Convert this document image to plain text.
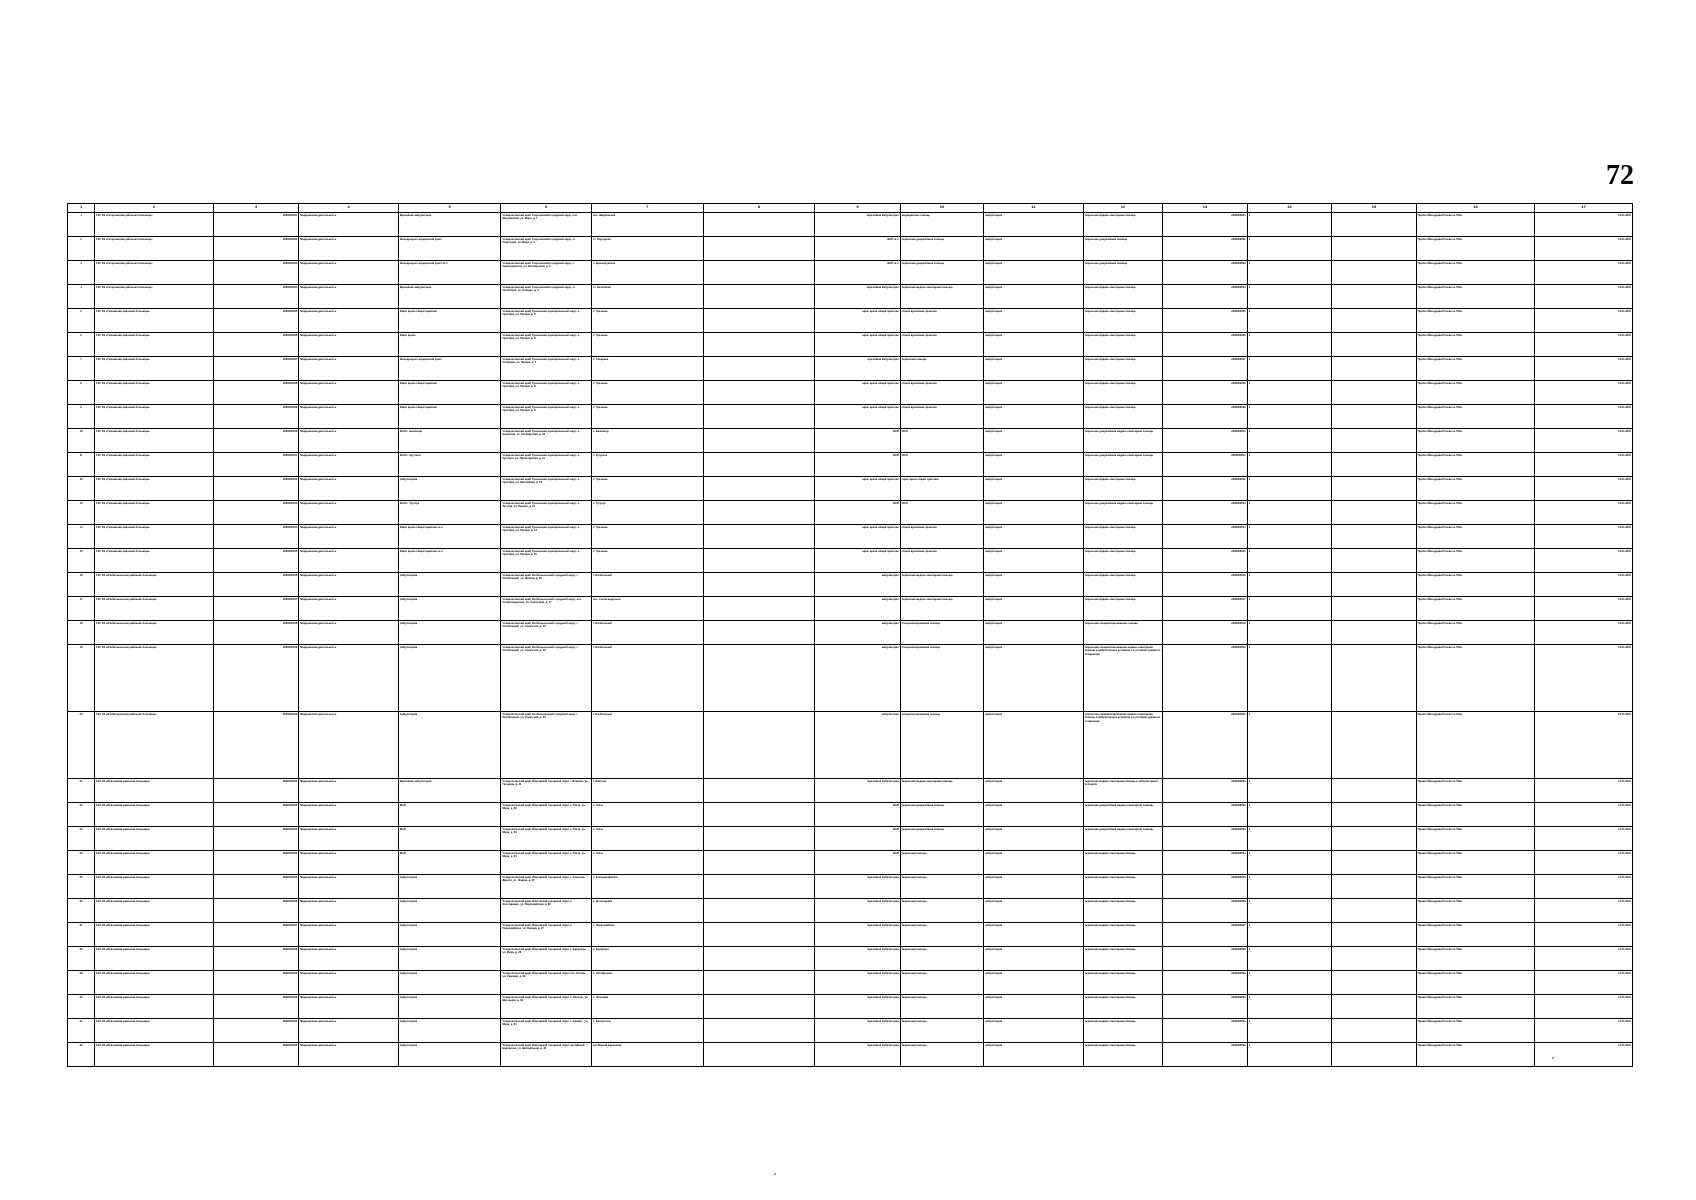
72
1	2	3	4	5	6	7	8	9	10	11	12	13	14	15	16	17
1	ГБУ СК «Георгиевская районная больница»	2600000001	Медицинская деятельность	Врачебная амбулатория	Ставропольский край, Георгиевский городской округ, пос. Шаумянский, ул. Мира, д. 1	пос. Шаумянский		Врачебная амбулатория	медицинская помощь	амбулатория	первичная медико-санитарная помощь	2600000001	1		Приказ Минздрава России № 543н	01.01.2021
2	ГБУ СК «Георгиевская районная больница»	2600000002	Медицинская деятельность	Фельдшерско-акушерский пункт	Ставропольский край, Георгиевский городской округ, ст. Подгорная, ул. Мира, д. 2	ст. Подгорная		ФАП № 1	первичная доврачебная помощь	амбулатория	первичная доврачебная помощь	2600000002	1		Приказ Минздрава России № 543н	01.01.2021
3	ГБУ СК «Георгиевская районная больница»	2600000003	Медицинская деятельность	Фельдшерско-акушерский пункт № 1	Ставропольский край, Георгиевский городской округ, с. Краснокумское, ул. Октябрьская, д. 3	с. Краснокумское		ФАП № 1	первичная доврачебная помощь	амбулатория	первичная доврачебная помощь	2600000003	1		Приказ Минздрава России № 543н	01.01.2021
4	ГБУ СК «Георгиевская районная больница»	2600000004	Медицинская деятельность	Врачебная амбулатория	Ставропольский край, Георгиевский городской округ, ст. Незлобная, ул. Победы, д. 4	ст. Незлобная		Врачебная амбулатория	первичная медико-санитарная помощь	амбулатория	первичная медико-санитарная помощь	2600000004	1		Приказ Минздрава России № 543н	01.01.2021
5	ГБУ СК «Грачевская районная больница»	2600000005	Медицинская деятельность	Офис врача общей практики	Ставропольский край, Грачевский муниципальный округ, с. Грачевка, ул. Ленина, д. 5	с. Грачевка		офис врача общей практики	общая врачебная практика	амбулатория	первичная медико-санитарная помощь	2600000005	1		Приказ Минздрава России № 543н	01.01.2021
6	ГБУ СК «Грачевская районная больница»	2600000006	Медицинская деятельность	Офис врача	Ставропольский край, Грачевский муниципальный округ, с. Грачевка, ул. Ленина, д. 6	с. Грачевка		офис врача общей практики	общая врачебная практика	амбулатория	первичная медико-санитарная помощь	2600000006	1		Приказ Минздрава России № 543н	01.01.2021
7	ГБУ СК «Грачевская районная больница»	2600000007	Медицинская деятельность	Фельдшерско-акушерский пункт	Ставропольский край, Грачевский муниципальный округ, с. Спицевка, ул. Ленина, д. 7	с. Спицевка		врачебная амбулатория	первичная помощь	амбулатория	первичная медико-санитарная помощь	2600000007	1		Приказ Минздрава России № 543н	01.01.2021
8	ГБУ СК «Грачевская районная больница»	2600000008	Медицинская деятельность	Офис врача общей практики	Ставропольский край, Грачевский муниципальный округ, с. Грачевка, ул. Ленина, д. 8	с. Грачевка		офис врача общей практики	общая врачебная практика	амбулатория	первичная медико-санитарная помощь	2600000008	1		Приказ Минздрава России № 543н	01.01.2021
9	ГБУ СК «Грачевская районная больница»	2600000009	Медицинская деятельность	Офис врача общей практики	Ставропольский край, Грачевский муниципальный округ, с. Грачевка, ул. Ленина, д. 9	с. Грачевка		офис врача общей практики	общая врачебная практика	амбулатория	первичная медико-санитарная помощь	2600000009	1		Приказ Минздрава России № 543н	01.01.2021
10	ГБУ СК «Грачевская районная больница»	2600000010	Медицинская деятельность	ФАП с. Бешпагир	Ставропольский край, Грачевский муниципальный округ, с. Бешпагир, ул. Октябрьская, д. 10	с. Бешпагир		ФАП	ФАП	амбулатория	первичная доврачебная медико-санитарная помощь	2600000010	1		Приказ Минздрава России № 543н	01.01.2021
11	ГБУ СК «Грачевская районная больница»	2600000011	Медицинская деятельность	ФАП с. Кугульта	Ставропольский край, Грачевский муниципальный округ, с. Кугульта, ул. Пролетарская, д. 11	с. Кугульта		ФАП	ФАП	амбулатория	первичная доврачебная медико-санитарная помощь	2600000011	1		Приказ Минздрава России № 543н	01.01.2021
12	ГБУ СК «Грачевская районная больница»	2600000012	Медицинская деятельность	Амбулатория	Ставропольский край, Грачевский муниципальный округ, с. Грачевка, ул. Шоссейная, д. 12	с. Грачевка		офис врача общей практики	офис врача общей практики	амбулатория	первичная медико-санитарная помощь	2600000012	1		Приказ Минздрава России № 543н	01.01.2021
13	ГБУ СК «Грачевская районная больница»	2600000013	Медицинская деятельность	ФАП с. Тугулук	Ставропольский край, Грачевский муниципальный округ, с. Тугулук, ул. Ленина, д. 13	с. Тугулук		ФАП	ФАП	амбулатория	первичная доврачебная медико-санитарная помощь	2600000013	1		Приказ Минздрава России № 543н	01.01.2021
14	ГБУ СК «Грачевская районная больница»	2600000014	Медицинская деятельность	Офис врача общей практики № 2	Ставропольский край, Грачевский муниципальный округ, с. Грачевка, ул. Ленина, д. 14	с. Грачевка		офис врача общей практики	общая врачебная практика	амбулатория	первичная медико-санитарная помощь	2600000014	1		Приказ Минздрава России № 543н	01.01.2021
15	ГБУ СК «Грачевская районная больница»	2600000015	Медицинская деятельность	Офис врача общей практики № 3	Ставропольский край, Грачевский муниципальный округ, с. Грачевка, ул. Ленина, д. 15	с. Грачевка		офис врача общей практики	общая врачебная практика	амбулатория	первичная медико-санитарная помощь	2600000015	1		Приказ Минздрава России № 543н	01.01.2021
16	ГБУ СК «Изобильненская районная больница»	2600000016	Медицинская деятельность	Амбулатория	Ставропольский край, Изобильненский городской округ, г. Изобильный, ул. Ленина, д. 16	г. Изобильный		амбулатория	первичная медико-санитарная помощь	амбулатория	первичная медико-санитарная помощь	2600000016	1		Приказ Минздрава России № 543н	01.01.2021
17	ГБУ СК «Изобильненская районная больница»	2600000017	Медицинская деятельность	Амбулатория	Ставропольский край, Изобильненский городской округ, пос. Солнечнодольск, ул. Солнечная, д. 17	пос. Солнечнодольск		амбулатория	первичная медико-санитарная помощь	амбулатория	первичная медико-санитарная помощь	2600000017	1		Приказ Минздрава России № 543н	01.01.2021
18	ГБУ СК «Изобильненская районная больница»	2600000018	Медицинская деятельность	Амбулатория	Ставропольский край, Изобильненский городской округ, г. Изобильный, ул. Советская, д. 18	г. Изобильный		амбулатория	специализированная помощь	амбулатория	первичная специализированная помощь	2600000018	1		Приказ Минздрава России № 543н	01.01.2021
19	ГБУ СК «Изобильненская районная больница»	2600000019	Медицинская деятельность	Амбулатория	Ставропольский край, Изобильненский городской округ, г. Изобильный, ул. Советская, д. 19	г. Изобильный		амбулатория	специализированная помощь	амбулатория	первичная специализированная медико-санитарная помощь в амбулаторных условиях и в условиях дневного стационара	2600000019	1		Приказ Минздрава России № 543н	01.01.2021
20	ГБУ СК «Изобильненская районная больница»	2600000020	Медицинская деятельность	Амбулатория	Ставропольский край, Изобильненский городской округ, г. Изобильный, ул. Советская, д. 20	г. Изобильный		амбулатория	специализированная помощь	амбулатория	первичная специализированная медико-санитарная помощь в амбулаторных условиях и в условиях дневного стационара	2600000020	1		Приказ Минздрава России № 543н	01.01.2021
21	ГБУ СК «Ипатовская районная больница»	2600000021	Медицинская деятельность	Врачебная амбулатория	Ставропольский край, Ипатовский городской округ, г. Ипатово, ул. Гагарина, д. 21	г. Ипатово		врачебная амбулатория	первичная медико-санитарная помощь	амбулатория	первичная медико-санитарная помощь в амбулаторных условиях	2600000021	1		Приказ Минздрава России № 543н	01.01.2021
22	ГБУ СК «Ипатовская районная больница»	2600000022	Медицинская деятельность	ФАП	Ставропольский край, Ипатовский городской округ, с. Тахта, ул. Мира, д. 22	с. Тахта		ФАП	первичная доврачебная помощь	амбулатория	первичная доврачебная медико-санитарная помощь	2600000022	1		Приказ Минздрава России № 543н	01.01.2021
23	ГБУ СК «Ипатовская районная больница»	2600000023	Медицинская деятельность	ФАП	Ставропольский край, Ипатовский городской округ, с. Тахта, ул. Мира, д. 23	с. Тахта		ФАП	первичная доврачебная помощь	амбулатория	первичная доврачебная медико-санитарная помощь	2600000023	1		Приказ Минздрава России № 543н	01.01.2021
24	ГБУ СК «Ипатовская районная больница»	2600000024	Медицинская деятельность	ФАП	Ставропольский край, Ипатовский городской округ, с. Тахта, ул. Мира, д. 24	с. Тахта		ФАП	первичная помощь	амбулатория	первичная медико-санитарная помощь	2600000024	1		Приказ Минздрава России № 543н	01.01.2021
25	ГБУ СК «Ипатовская районная больница»	2600000025	Медицинская деятельность	Амбулатория	Ставропольский край, Ипатовский городской округ, с. Большая Джалга, ул. Ленина, д. 25	с. Большая Джалга		врачебная амбулатория	первичная помощь	амбулатория	первичная медико-санитарная помощь	2600000025	1		Приказ Минздрава России № 543н	01.01.2021
26	ГБУ СК «Ипатовская районная больница»	2600000026	Медицинская деятельность	Амбулатория	Ставропольский край, Ипатовский городской округ, с. Золотаревка, ул. Первомайская, д. 26	с. Золотаревка		врачебная амбулатория	первичная помощь	амбулатория	первичная медико-санитарная помощь	2600000026	1		Приказ Минздрава России № 543н	01.01.2021
27	ГБУ СК «Ипатовская районная больница»	2600000027	Медицинская деятельность	Амбулатория	Ставропольский край, Ипатовский городской округ, с. Первомайское, ул. Ленина, д. 27	с. Первомайское		врачебная амбулатория	первичная помощь	амбулатория	первичная медико-санитарная помощь	2600000027	1		Приказ Минздрава России № 543н	01.01.2021
28	ГБУ СК «Ипатовская районная больница»	2600000028	Медицинская деятельность	Амбулатория	Ставропольский край, Ипатовский городской округ, с. Бурукшун, ул. Мира, д. 28	с. Бурукшун		врачебная амбулатория	первичная помощь	амбулатория	первичная медико-санитарная помощь	2600000028	1		Приказ Минздрава России № 543н	01.01.2021
29	ГБУ СК «Ипатовская районная больница»	2600000029	Медицинская деятельность	Амбулатория	Ставропольский край, Ипатовский городской округ, пос. Octобр., ул. Садовая, д. 29	с. Октябрьское		врачебная амбулатория	первичная помощь	амбулатория	первичная медико-санитарная помощь	2600000029	1		Приказ Минздрава России № 543н	01.01.2021
30	ГБУ СК «Ипатовская районная больница»	2600000030	Медицинская деятельность	Амбулатория	Ставропольский край, Ипатовский городской округ, с. Леснов., ул. Школьная, д. 30	с. Лесновка		врачебная амбулатория	первичная помощь	амбулатория	первичная медико-санитарная помощь	2600000030	1		Приказ Минздрава России № 543н	01.01.2021
31	ГБУ СК «Ипатовская районная больница»	2600000031	Медицинская деятельность	Амбулатория	Ставропольский край, Ипатовский городской округ, с. Бахмут., ул. Мира, д. 31	с. Бахмутское		врачебная амбулатория	первичная помощь	амбулатория	первичная медико-санитарная помощь	2600000031	1		Приказ Минздрава России № 543н	01.01.2021
32	ГБУ СК «Ипатовская районная больница»	2600000032	Медицинская деятельность	Амбулатория	Ставропольский край, Ипатовский городской округ, аул Малый Барханчак, ул. Центральная, д. 32	аул Малый Барханчак		врачебная амбулатория	первичная помощь	амбулатория	первичная медико-санитарная помощь	2600000032	1		Приказ Минздрава России № 543н	01.01.2021
